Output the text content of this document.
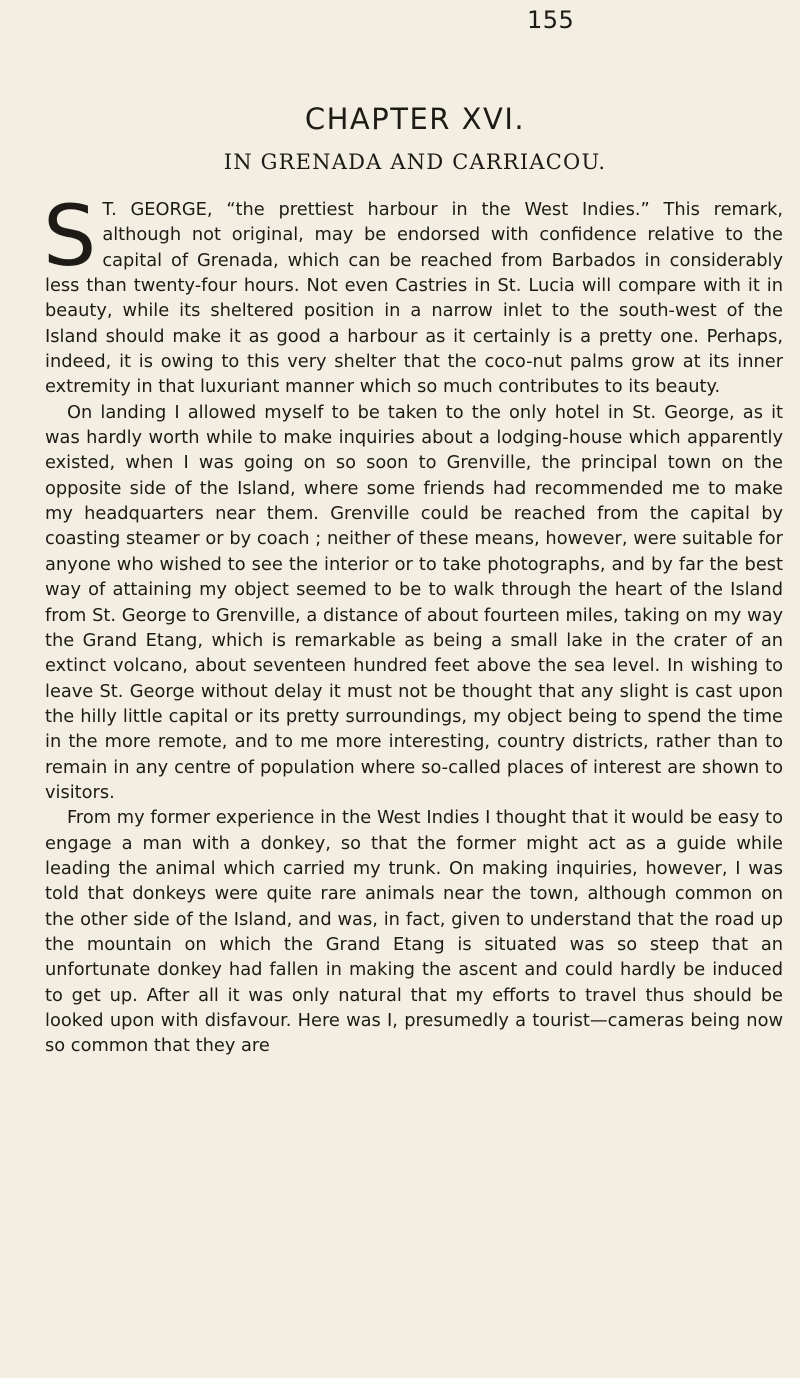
155
CHAPTER XVI.
IN GRENADA AND CARRIACOU.

S T. GEORGE, “the prettiest harbour in the West Indies.” This remark, although not original, may be endorsed with confidence relative to the capital of Grenada, which can be reached from Barbados in considerably less than twenty-four hours. Not even Castries in St. Lucia will compare with it in beauty, while its sheltered position in a narrow inlet to the south-west of the Island should make it as good a harbour as it certainly is a pretty one. Perhaps, indeed, it is owing to this very shelter that the coco-nut palms grow at its inner extremity in that luxuriant manner which so much contributes to its beauty.

On landing I allowed myself to be taken to the only hotel in St. George, as it was hardly worth while to make inquiries about a lodging-house which apparently existed, when I was going on so soon to Grenville, the principal town on the opposite side of the Island, where some friends had recommended me to make my headquarters near them. Grenville could be reached from the capital by coasting steamer or by coach ; neither of these means, however, were suitable for anyone who wished to see the interior or to take photographs, and by far the best way of attaining my object seemed to be to walk through the heart of the Island from St. George to Grenville, a distance of about fourteen miles, taking on my way the Grand Etang, which is remarkable as being a small lake in the crater of an extinct volcano, about seventeen hundred feet above the sea level. In wishing to leave St. George without delay it must not be thought that any slight is cast upon the hilly little capital or its pretty surroundings, my object being to spend the time in the more remote, and to me more interesting, country districts, rather than to remain in any centre of population where so-called places of interest are shown to visitors.

From my former experience in the West Indies I thought that it would be easy to engage a man with a donkey, so that the former might act as a guide while leading the animal which carried my trunk. On making inquiries, however, I was told that donkeys were quite rare animals near the town, although common on the other side of the Island, and was, in fact, given to understand that the road up the mountain on which the Grand Etang is situated was so steep that an unfortunate donkey had fallen in making the ascent and could hardly be induced to get up. After all it was only natural that my efforts to travel thus should be looked upon with disfavour. Here was I, presumedly a tourist—cameras being now so common that they are
